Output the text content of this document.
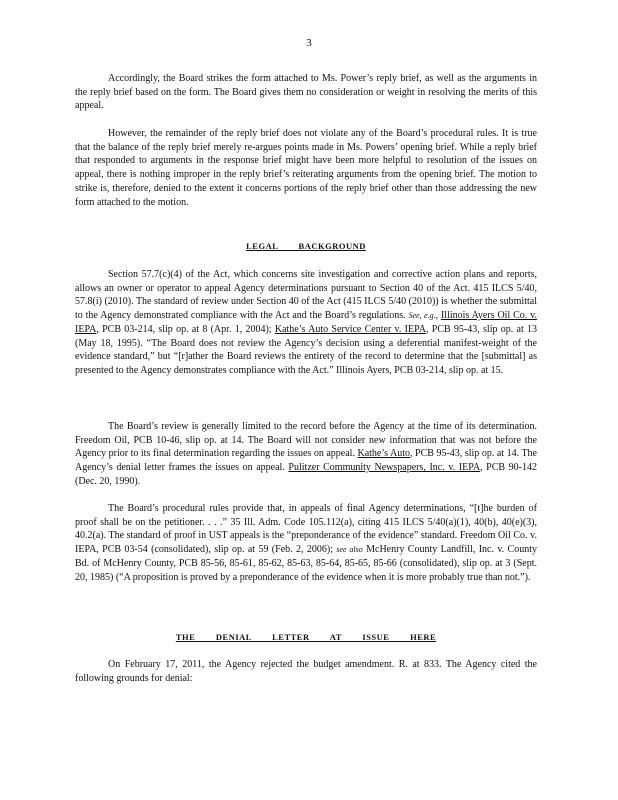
3

Accordingly, the Board strikes the form attached to Ms. Power’s reply brief, as well as the arguments in the reply brief based on the form. The Board gives them no consideration or weight in resolving the merits of this appeal.

However, the remainder of the reply brief does not violate any of the Board’s procedural rules. It is true that the balance of the reply brief merely re-argues points made in Ms. Powers’ opening brief. While a reply brief that responded to arguments in the response brief might have been more helpful to resolution of the issues on appeal, there is nothing improper in the reply brief’s reiterating arguments from the opening brief. The motion to strike is, therefore, denied to the extent it concerns portions of the reply brief other than those addressing the new form attached to the motion.

LEGAL BACKGROUND

Section 57.7(c)(4) of the Act, which concerns site investigation and corrective action plans and reports, allows an owner or operator to appeal Agency determinations pursuant to Section 40 of the Act. 415 ILCS 5/40, 57.8(i) (2010). The standard of review under Section 40 of the Act (415 ILCS 5/40 (2010)) is whether the submittal to the Agency demonstrated compliance with the Act and the Board’s regulations. See, e.g., Illinois Ayers Oil Co. v. IEPA, PCB 03-214, slip op. at 8 (Apr. 1, 2004); Kathe’s Auto Service Center v. IEPA, PCB 95-43, slip op. at 13 (May 18, 1995). “The Board does not review the Agency’s decision using a deferential manifest-weight of the evidence standard,” but “[r]ather the Board reviews the entirety of the record to determine that the [submittal] as presented to the Agency demonstrates compliance with the Act.” Illinois Ayers, PCB 03-214, slip op. at 15.

The Board’s review is generally limited to the record before the Agency at the time of its determination. Freedom Oil, PCB 10-46, slip op. at 14. The Board will not consider new information that was not before the Agency prior to its final determination regarding the issues on appeal. Kathe’s Auto, PCB 95-43, slip op. at 14. The Agency’s denial letter frames the issues on appeal. Pulitzer Community Newspapers, Inc. v. IEPA, PCB 90-142 (Dec. 20, 1990).

The Board’s procedural rules provide that, in appeals of final Agency determinations, “[t]he burden of proof shall be on the petitioner. . . .” 35 Ill. Adm. Code 105.112(a), citing 415 ILCS 5/40(a)(1), 40(b), 40(e)(3), 40.2(a). The standard of proof in UST appeals is the “preponderance of the evidence” standard. Freedom Oil Co. v. IEPA, PCB 03-54 (consolidated), slip op. at 59 (Feb. 2, 2006); see also McHenry County Landfill, Inc. v. County Bd. of McHenry County, PCB 85-56, 85-61, 85-62, 85-63, 85-64, 85-65, 85-66 (consolidated), slip op. at 3 (Sept. 20, 1985) (“A proposition is proved by a preponderance of the evidence when it is more probably true than not.”).

THE DENIAL LETTER AT ISSUE HERE

On February 17, 2011, the Agency rejected the budget amendment. R. at 833. The Agency cited the following grounds for denial:
